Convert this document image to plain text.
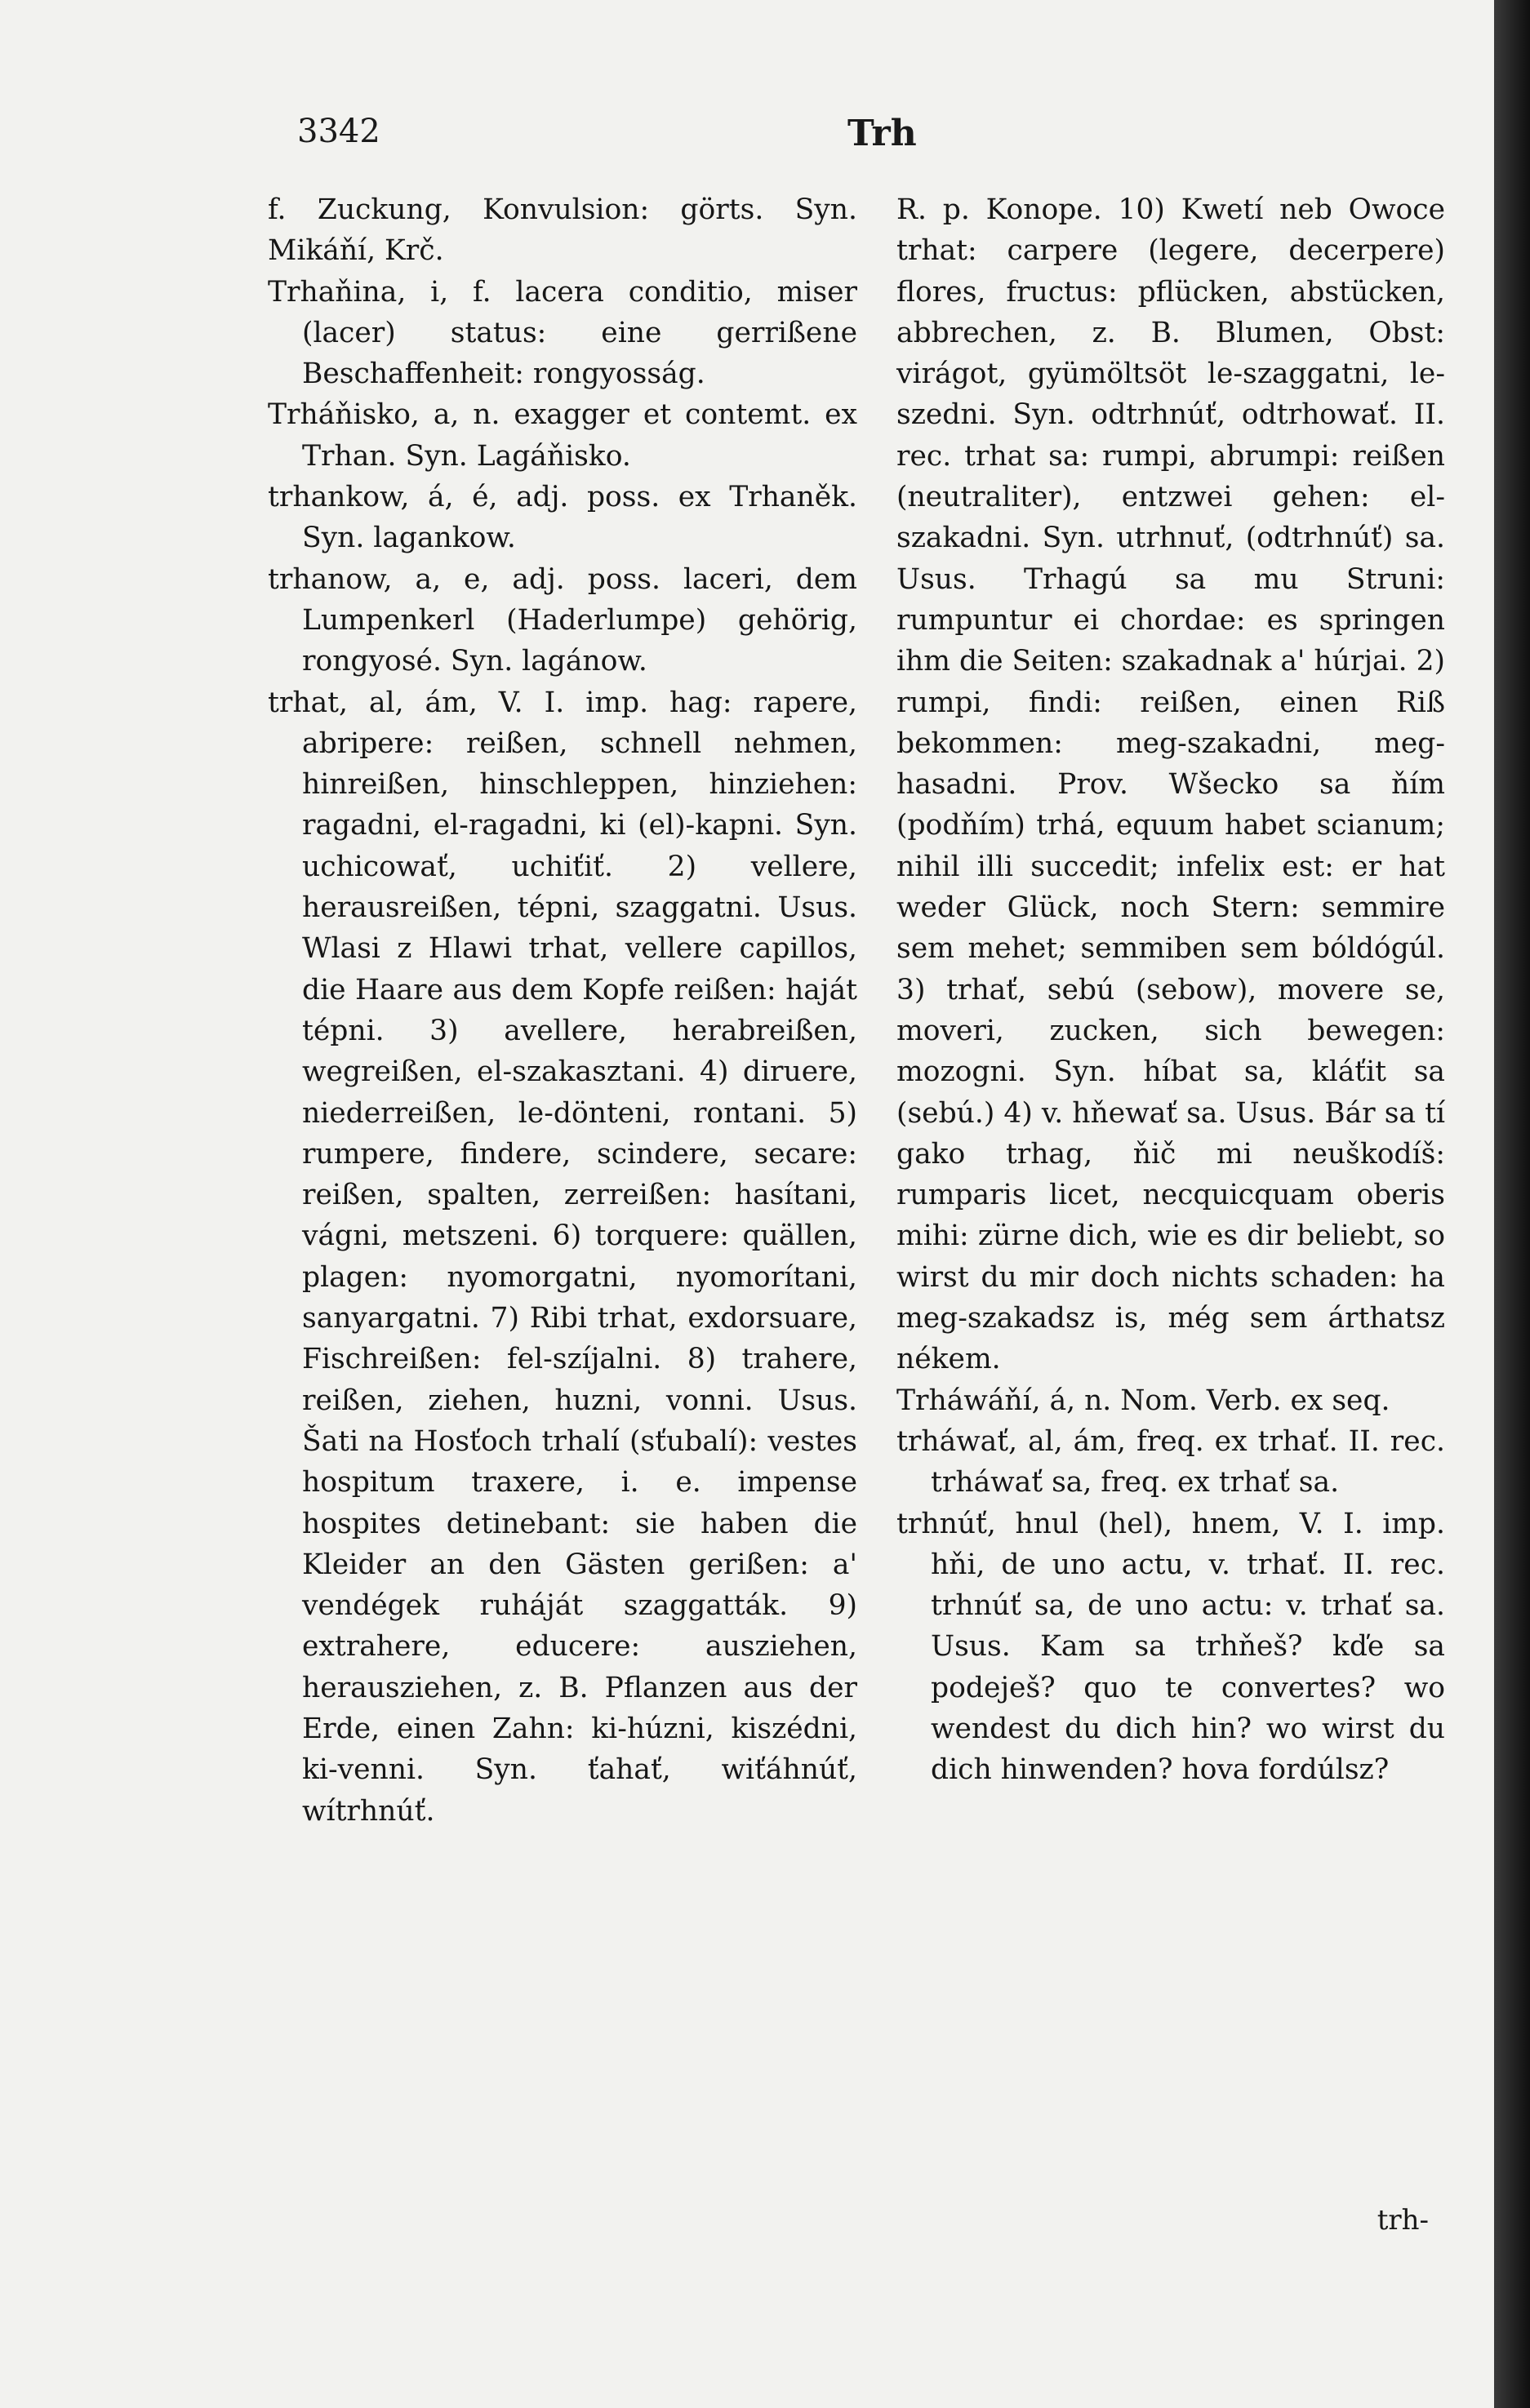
3342	Trh

f. Zuckung, Konvulsion: görts. Syn. Mikáňí, Krč.

Trhaňina, i, f. lacera conditio, miser (lacer) status: eine gerrißene Beschaffenheit: rongyosság.

Trháňisko, a, n. exagger et contemt. ex Trhan. Syn. Lagáňisko.

trhankow, á, é, adj. poss. ex Trhaněk. Syn. lagankow.

trhanow, a, e, adj. poss. laceri, dem Lumpenkerl (Haderlumpe) gehörig, rongyosé. Syn. lagánow.

trhat, al, ám, V. I. imp. hag: rapere, abripere: reißen, schnell nehmen, hinreißen, hinschleppen, hinziehen: ragadni, el-ragadni, ki (el)-kapni. Syn. uchicowať, uchiťiť. 2) vellere, herausreißen, tépni, szaggatni. Usus. Wlasi z Hlawi trhat, vellere capillos, die Haare aus dem Kopfe reißen: haját tépni. 3) avellere, herabreißen, wegreißen, el-szakasztani. 4) diruere, niederreißen, le-dönteni, rontani. 5) rumpere, findere, scindere, secare: reißen, spalten, zerreißen: hasítani, vágni, metszeni. 6) torquere: quällen, plagen: nyomorgatni, nyomorítani, sanyargatni. 7) Ribi trhat, exdorsuare, Fischreißen: fel-szíjalni. 8) trahere, reißen, ziehen, huzni, vonni. Usus. Šati na Hosťoch trhalí (sťubalí): vestes hospitum traxere, i. e. impense hospites detinebant: sie haben die Kleider an den Gästen gerißen: a' vendégek ruháját szaggatták. 9) extrahere, educere: ausziehen, herausziehen, z. B. Pflanzen aus der Erde, einen Zahn: ki-húzni, kiszédni, ki-venni. Syn. ťahať, wiťáhnúť, wítrhnúť.

R. p. Konope. 10) Kwetí neb Owoce trhat: carpere (legere, decerpere) flores, fructus: pflücken, abstücken, abbrechen, z. B. Blumen, Obst: virágot, gyümöltsöt le-szaggatni, le-szedni. Syn. odtrhnúť, odtrhowať. II. rec. trhat sa: rumpi, abrumpi: reißen (neutraliter), entzwei gehen: el-szakadni. Syn. utrhnuť, (odtrhnúť) sa. Usus. Trhagú sa mu Struni: rumpuntur ei chordae: es springen ihm die Seiten: szakadnak a' húrjai. 2) rumpi, findi: reißen, einen Riß bekommen: meg-szakadni, meg-hasadni. Prov. Wšecko sa ňím (podňím) trhá, equum habet scianum; nihil illi succedit; infelix est: er hat weder Glück, noch Stern: semmire sem mehet; semmiben sem bóldógúl. 3) trhať, sebú (sebow), movere se, moveri, zucken, sich bewegen: mozogni. Syn. híbat sa, kláťit sa (sebú.) 4) v. hňewať sa. Usus. Bár sa tí gako trhag, ňič mi neuškodíš: rumparis licet, necquicquam oberis mihi: zürne dich, wie es dir beliebt, so wirst du mir doch nichts schaden: ha meg-szakadsz is, még sem árthatsz nékem.

Trháwáňí, á, n. Nom. Verb. ex seq.

trháwať, al, ám, freq. ex trhať. II. rec. trháwať sa, freq. ex trhať sa.

trhnúť, hnul (hel), hnem, V. I. imp. hňi, de uno actu, v. trhať. II. rec. trhnúť sa, de uno actu: v. trhať sa. Usus. Kam sa trhňeš? kďe sa podeješ? quo te convertes? wo wendest du dich hin? wo wirst du dich hinwenden? hova fordúlsz?

trh-
